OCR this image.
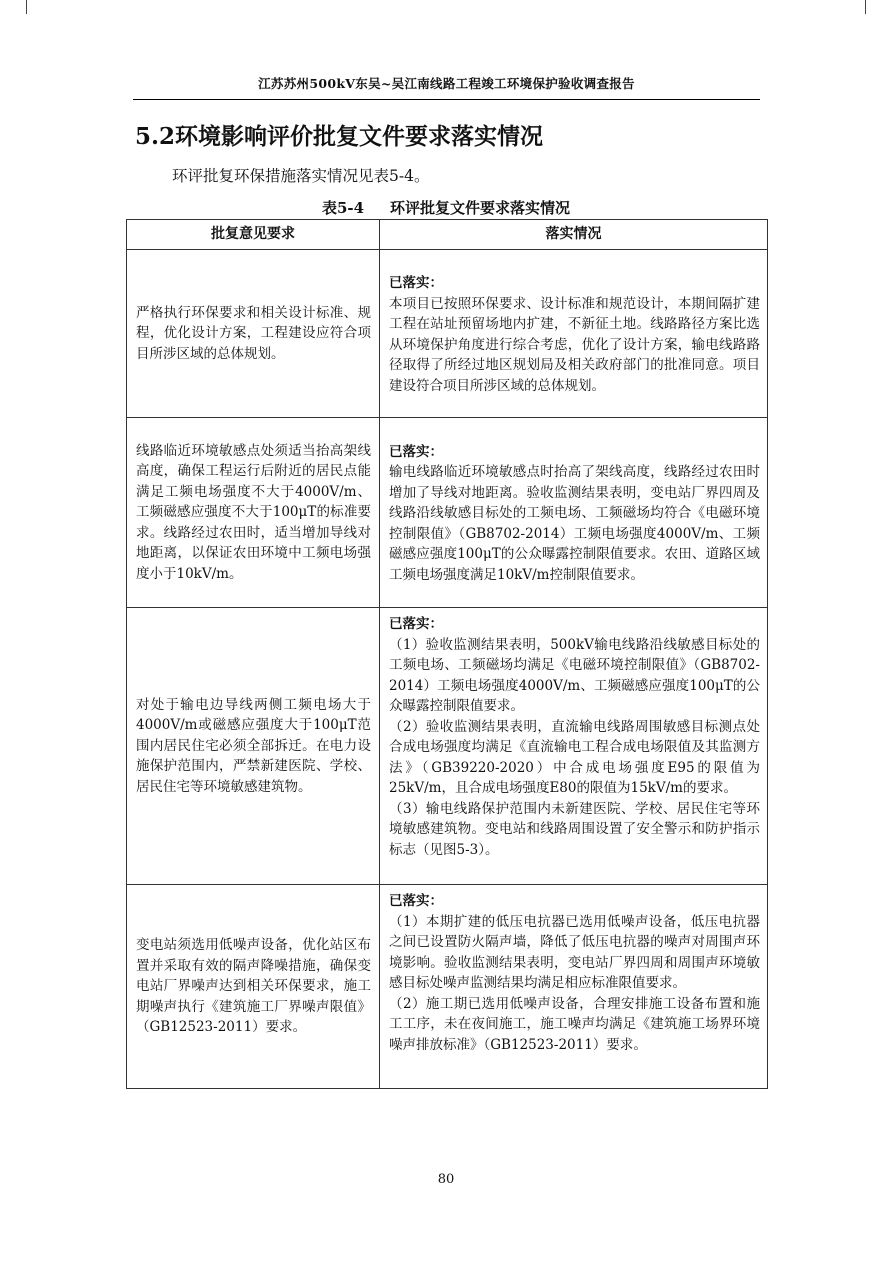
江苏苏州500kV东吴~吴江南线路工程竣工环境保护验收调查报告
5.2环境影响评价批复文件要求落实情况
环评批复环保措施落实情况见表5-4。
表5-4 环评批复文件要求落实情况
批复意见要求	落实情况
严格执行环保要求和相关设计标准、规程，优化设计方案，工程建设应符合项目所涉区域的总体规划。	已落实：
本项目已按照环保要求、设计标准和规范设计，本期间隔扩建工程在站址预留场地内扩建，不新征土地。线路路径方案比选从环境保护角度进行综合考虑，优化了设计方案，输电线路路径取得了所经过地区规划局及相关政府部门的批准同意。项目建设符合项目所涉区域的总体规划。

线路临近环境敏感点处须适当抬高架线高度，确保工程运行后附近的居民点能满足工频电场强度不大于4000V/m、工频磁感应强度不大于100μT的标准要求。线路经过农田时，适当增加导线对地距离，以保证农田环境中工频电场强度小于10kV/m。	已落实：
输电线路临近环境敏感点时抬高了架线高度，线路经过农田时增加了导线对地距离。验收监测结果表明，变电站厂界四周及线路沿线敏感目标处的工频电场、工频磁场均符合《电磁环境控制限值》（GB8702-2014）工频电场强度4000V/m、工频磁感应强度100μT的公众曝露控制限值要求。农田、道路区域工频电场强度满足10kV/m控制限值要求。

对处于输电边导线两侧工频电场大于4000V/m或磁感应强度大于100μT范围内居民住宅必须全部拆迁。在电力设施保护范围内，严禁新建医院、学校、居民住宅等环境敏感建筑物。	已落实：
（1）验收监测结果表明，500kV输电线路沿线敏感目标处的工频电场、工频磁场均满足《电磁环境控制限值》（GB8702-2014）工频电场强度4000V/m、工频磁感应强度100μT的公众曝露控制限值要求。
（2）验收监测结果表明，直流输电线路周围敏感目标测点处合成电场强度均满足《直流输电工程合成电场限值及其监测方法》（GB39220-2020）中合成电场强度E95的限值为25kV/m，且合成电场强度E80的限值为15kV/m的要求。
（3）输电线路保护范围内未新建医院、学校、居民住宅等环境敏感建筑物。变电站和线路周围设置了安全警示和防护指示标志（见图5-3）。

变电站须选用低噪声设备，优化站区布置并采取有效的隔声降噪措施，确保变电站厂界噪声达到相关环保要求，施工期噪声执行《建筑施工厂界噪声限值》（GB12523-2011）要求。	已落实：
（1）本期扩建的低压电抗器已选用低噪声设备，低压电抗器之间已设置防火隔声墙，降低了低压电抗器的噪声对周围声环境影响。验收监测结果表明，变电站厂界四周和周围声环境敏感目标处噪声监测结果均满足相应标准限值要求。
（2）施工期已选用低噪声设备，合理安排施工设备布置和施工工序，未在夜间施工，施工噪声均满足《建筑施工场界环境噪声排放标准》（GB12523-2011）要求。
80
